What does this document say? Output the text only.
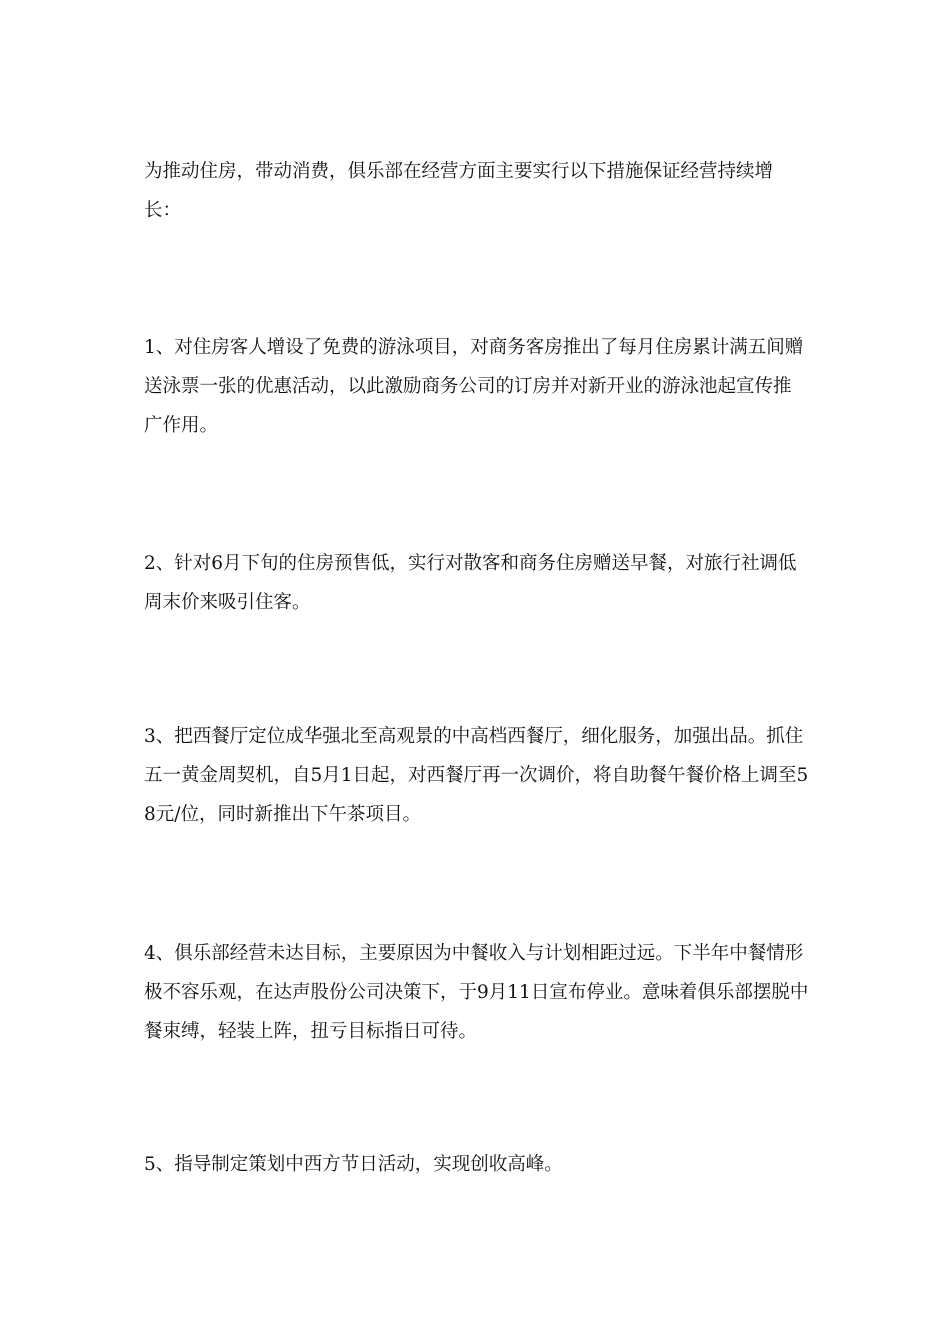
为推动住房，带动消费，俱乐部在经营方面主要实行以下措施保证经营持续增长：

1、对住房客人增设了免费的游泳项目，对商务客房推出了每月住房累计满五间赠送泳票一张的优惠活动，以此激励商务公司的订房并对新开业的游泳池起宣传推广作用。

2、针对6月下旬的住房预售低，实行对散客和商务住房赠送早餐，对旅行社调低周末价来吸引住客。

3、把西餐厅定位成华强北至高观景的中高档西餐厅，细化服务，加强出品。抓住五一黄金周契机，自5月1日起，对西餐厅再一次调价，将自助餐午餐价格上调至58元/位，同时新推出下午茶项目。

4、俱乐部经营未达目标，主要原因为中餐收入与计划相距过远。下半年中餐情形极不容乐观，在达声股份公司决策下，于9月11日宣布停业。意味着俱乐部摆脱中餐束缚，轻装上阵，扭亏目标指日可待。

5、指导制定策划中西方节日活动，实现创收高峰。
